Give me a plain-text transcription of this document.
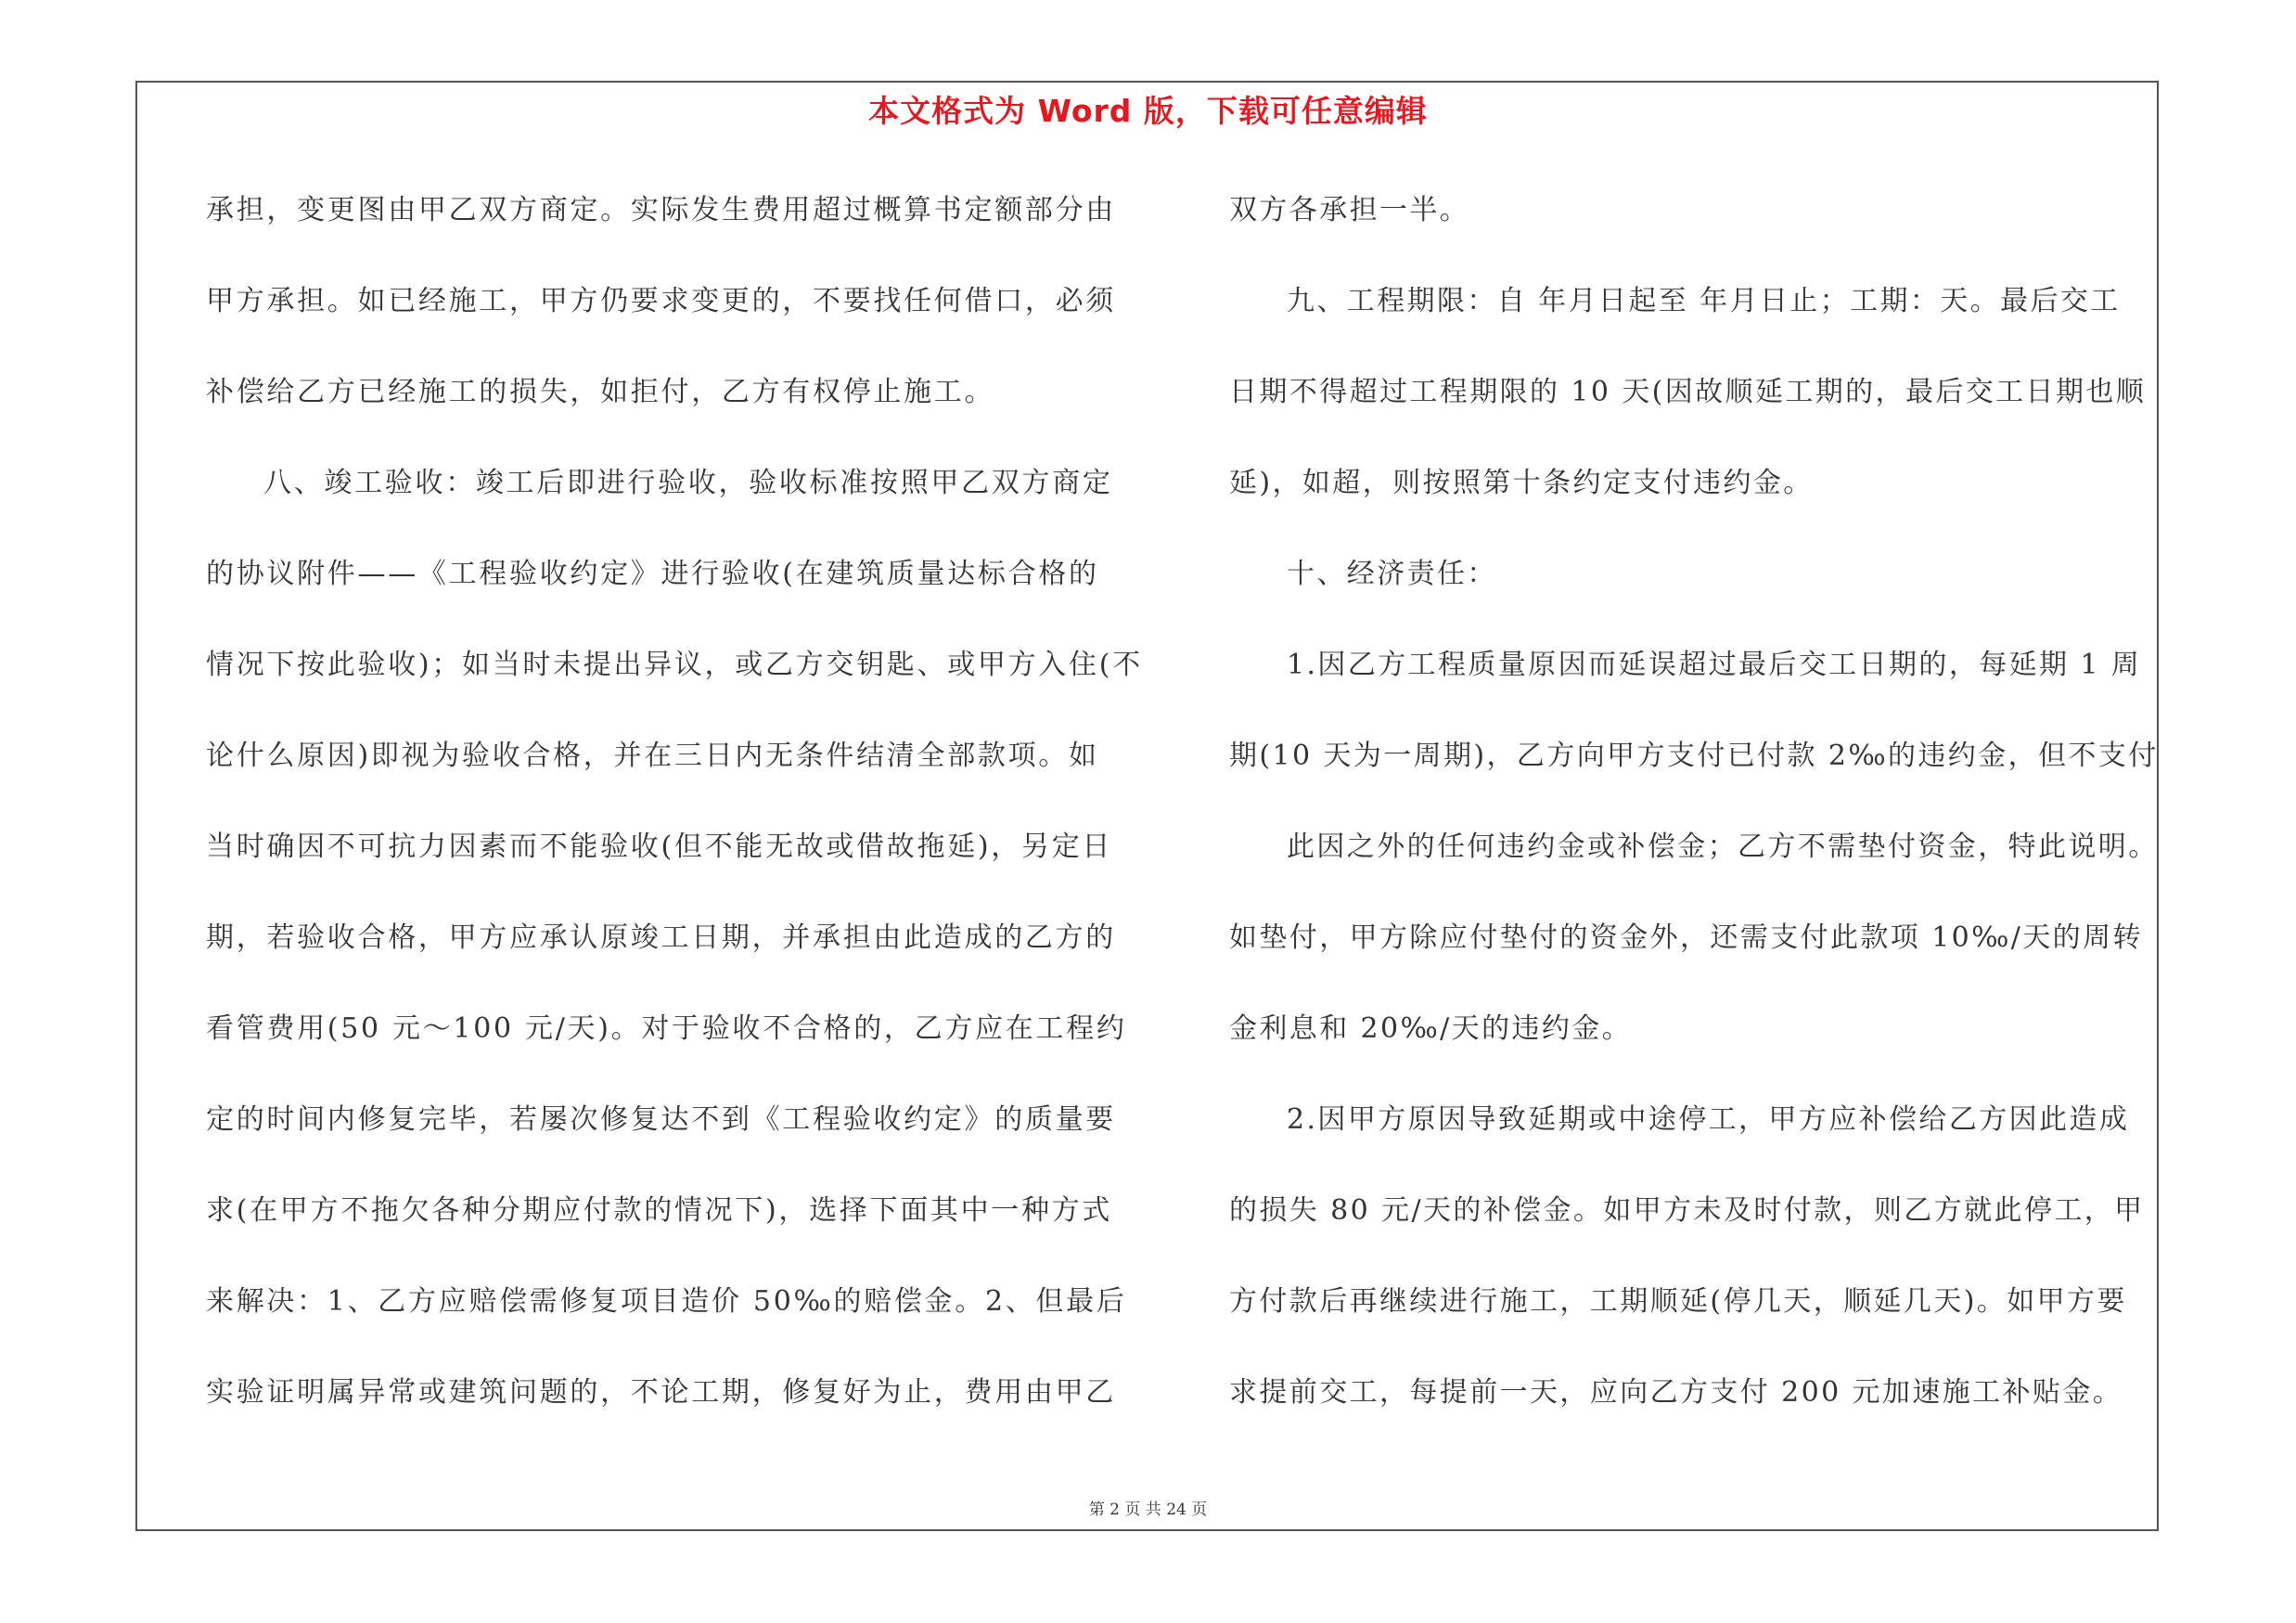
本文格式为 Word 版，下载可任意编辑
承担，变更图由甲乙双方商定。实际发生费用超过概算书定额部分由
甲方承担。如已经施工，甲方仍要求变更的，不要找任何借口，必须
补偿给乙方已经施工的损失，如拒付，乙方有权停止施工。
八、竣工验收：竣工后即进行验收，验收标准按照甲乙双方商定
的协议附件——《工程验收约定》进行验收(在建筑质量达标合格的
情况下按此验收)；如当时未提出异议，或乙方交钥匙、或甲方入住(不
论什么原因)即视为验收合格，并在三日内无条件结清全部款项。如
当时确因不可抗力因素而不能验收(但不能无故或借故拖延)，另定日
期，若验收合格，甲方应承认原竣工日期，并承担由此造成的乙方的
看管费用(50 元～100 元/天)。对于验收不合格的，乙方应在工程约
定的时间内修复完毕，若屡次修复达不到《工程验收约定》的质量要
求(在甲方不拖欠各种分期应付款的情况下)，选择下面其中一种方式
来解决：1、乙方应赔偿需修复项目造价 50‰的赔偿金。2、但最后
实验证明属异常或建筑问题的，不论工期，修复好为止，费用由甲乙
双方各承担一半。
九、工程期限：自 年月日起至 年月日止；工期：天。最后交工
日期不得超过工程期限的 10 天(因故顺延工期的，最后交工日期也顺
延)，如超，则按照第十条约定支付违约金。
十、经济责任：
1.因乙方工程质量原因而延误超过最后交工日期的，每延期 1 周
期(10 天为一周期)，乙方向甲方支付已付款 2‰的违约金，但不支付
此因之外的任何违约金或补偿金；乙方不需垫付资金，特此说明。
如垫付，甲方除应付垫付的资金外，还需支付此款项 10‰/天的周转
金利息和 20‰/天的违约金。
2.因甲方原因导致延期或中途停工，甲方应补偿给乙方因此造成
的损失 80 元/天的补偿金。如甲方未及时付款，则乙方就此停工，甲
方付款后再继续进行施工，工期顺延(停几天，顺延几天)。如甲方要
求提前交工，每提前一天，应向乙方支付 200 元加速施工补贴金。
第 2 页 共 24 页
